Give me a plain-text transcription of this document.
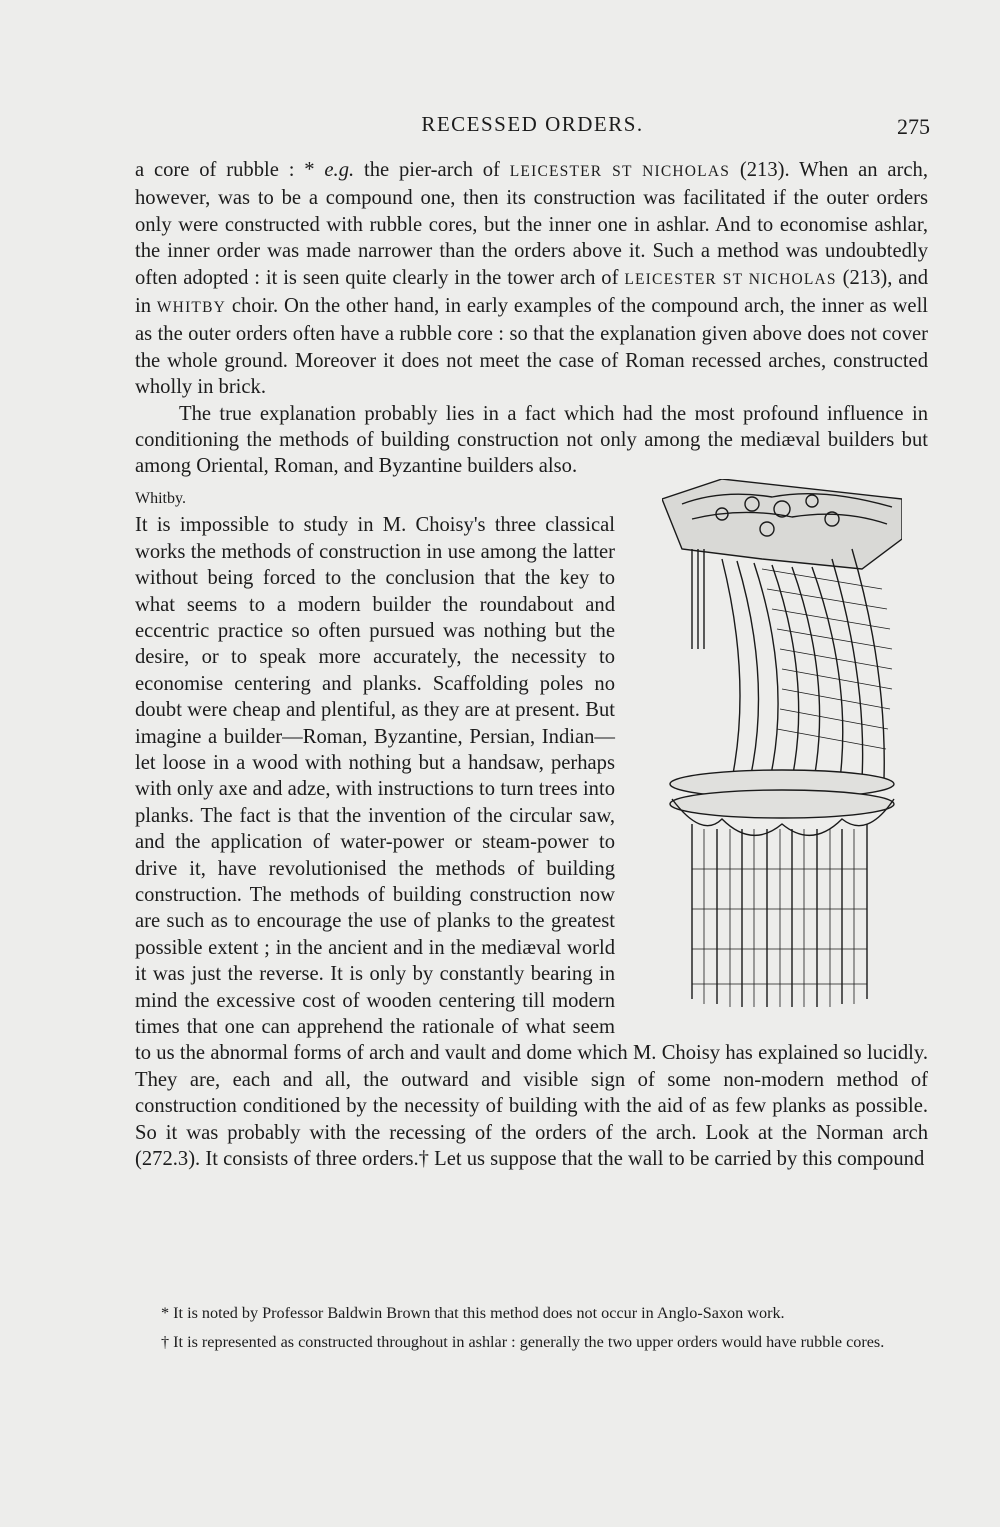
RECESSED ORDERS.	275

a core of rubble : * e.g. the pier-arch of LEICESTER ST NICHOLAS (213). When an arch, however, was to be a compound one, then its construction was facilitated if the outer orders only were constructed with rubble cores, but the inner one in ashlar. And to economise ashlar, the inner order was made narrower than the orders above it. Such a method was undoubtedly often adopted : it is seen quite clearly in the tower arch of LEICESTER ST NICHOLAS (213), and in WHITBY choir. On the other hand, in early examples of the compound arch, the inner as well as the outer orders often have a rubble core : so that the explanation given above does not cover the whole ground. Moreover it does not meet the case of Roman recessed arches, constructed wholly in brick.

The true explanation probably lies in a fact which had the most profound influence in conditioning the methods of building construction not only among the mediæval builders but among Oriental, Roman, and Byzantine builders also.

Whitby.
It is impossible to study in M. Choisy's three classical works the methods of construction in use among the latter without being forced to the conclusion that the key to what seems to a modern builder the roundabout and eccentric practice so often pursued was nothing but the desire, or to speak more accurately, the necessity to economise centering and planks. Scaffolding poles no doubt were cheap and plentiful, as they are at present. But imagine a builder—Roman, Byzantine, Persian, Indian—let loose in a wood with nothing but a handsaw, perhaps with only axe and adze, with instructions to turn trees into planks. The fact is that the invention of the circular saw, and the application of water-power or steam-power to drive it, have revolutionised the methods of building construction. The methods of building construction now are such as to encourage the use of planks to the greatest possible extent ; in the ancient and in the mediæval world it was just the reverse. It is only by constantly bearing in mind the excessive cost of wooden centering till modern times that one can apprehend the rationale of what seem to us the abnormal forms of arch and vault and dome which M. Choisy has explained so lucidly. They are, each and all, the outward and visible sign of some non-modern method of construction conditioned by the necessity of building with the aid of as few planks as possible. So it was probably with the recessing of the orders of the arch. Look at the Norman arch (272.3). It consists of three orders.† Let us suppose that the wall to be carried by this compound

* It is noted by Professor Baldwin Brown that this method does not occur in Anglo-Saxon work.

† It is represented as constructed throughout in ashlar : generally the two upper orders would have rubble cores.
